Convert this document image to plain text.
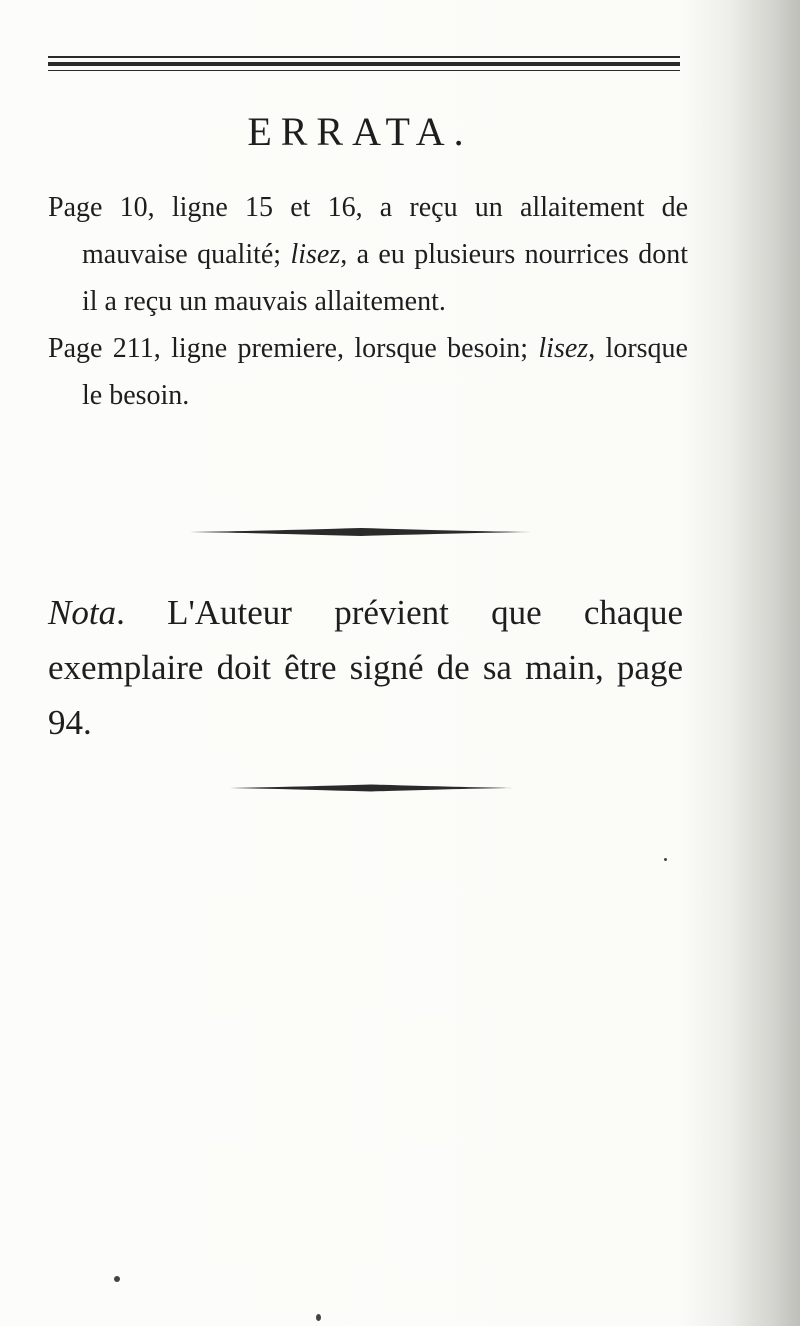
ERRATA.

Page 10, ligne 15 et 16, a reçu un allaitement de mauvaise qualité; lisez, a eu plusieurs nourrices dont il a reçu un mauvais allaitement.

Page 211, ligne premiere, lorsque besoin; lisez, lorsque le besoin.

Nota. L'Auteur prévient que chaque exemplaire doit être signé de sa main, page 94.
